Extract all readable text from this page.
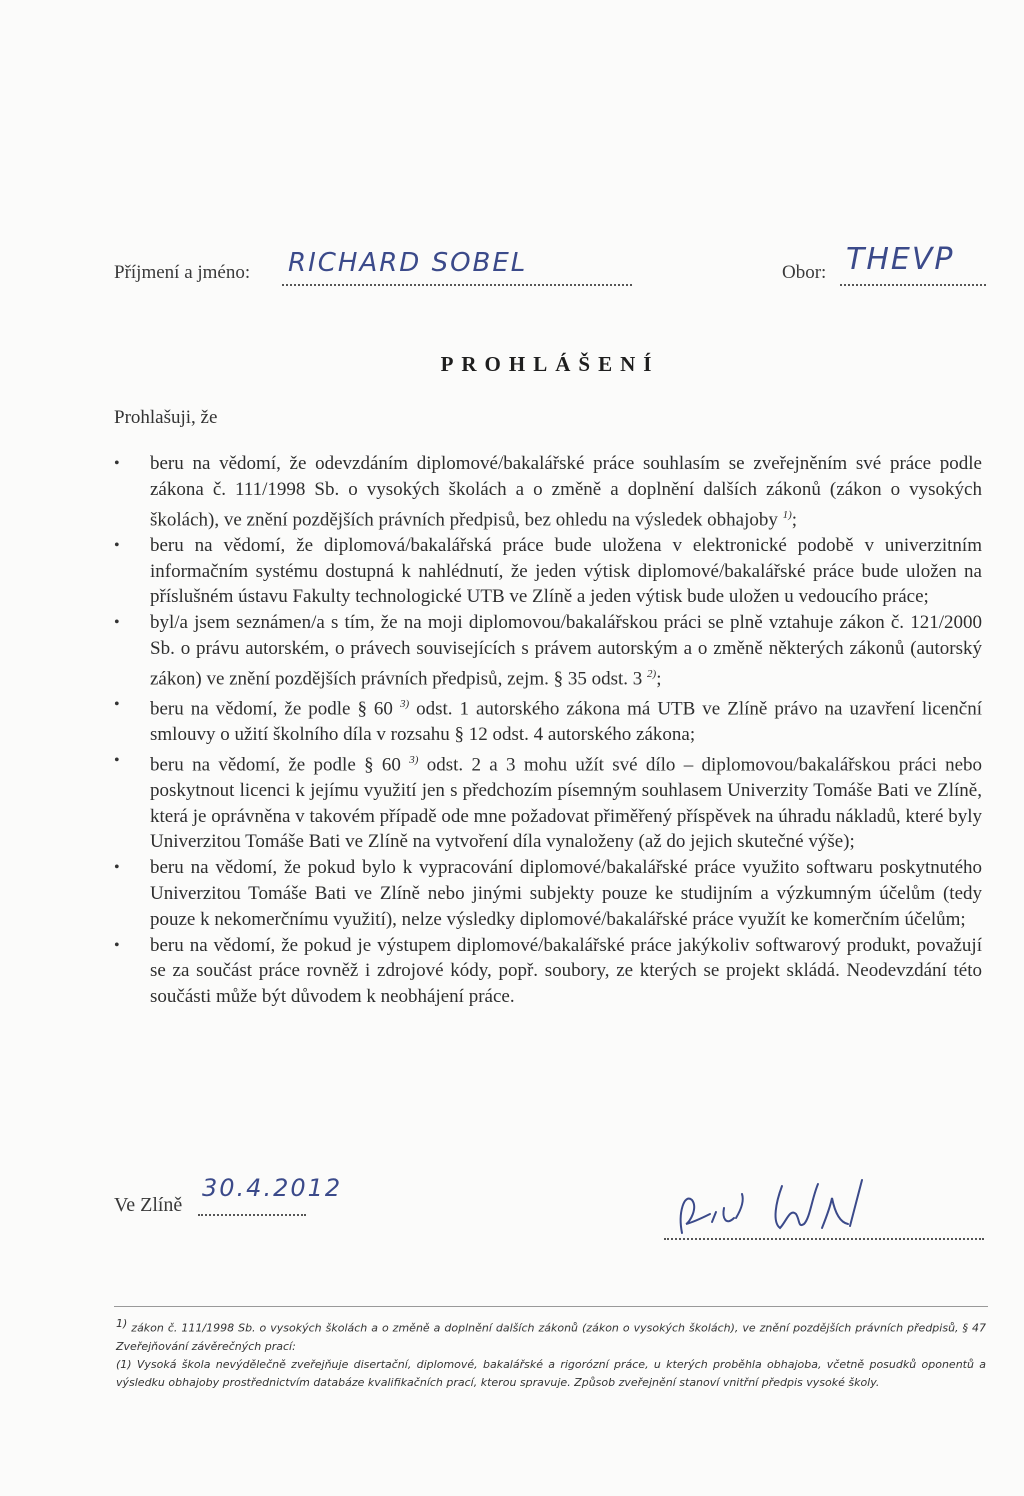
Příjmení a jméno: RICHARD SOBEL	Obor: THEVP
PROHLÁŠENÍ
Prohlašuji, že
• beru na vědomí, že odevzdáním diplomové/bakalářské práce souhlasím se zveřejněním své práce podle zákona č. 111/1998 Sb. o vysokých školách a o změně a doplnění dalších zákonů (zákon o vysokých školách), ve znění pozdějších právních předpisů, bez ohledu na výsledek obhajoby $^{1)}$;
• beru na vědomí, že diplomová/bakalářská práce bude uložena v elektronické podobě v univerzitním informačním systému dostupná k nahlédnutí, že jeden výtisk diplomové/bakalářské práce bude uložen na příslušném ústavu Fakulty technologické UTB ve Zlíně a jeden výtisk bude uložen u vedoucího práce;
• byl/a jsem seznámen/a s tím, že na moji diplomovou/bakalářskou práci se plně vztahuje zákon č. 121/2000 Sb. o právu autorském, o právech souvisejících s právem autorským a o změně některých zákonů (autorský zákon) ve znění pozdějších právních předpisů, zejm. § 35 odst. 3 $^{2)}$;
• beru na vědomí, že podle § 60 $^{3)}$ odst. 1 autorského zákona má UTB ve Zlíně právo na uzavření licenční smlouvy o užití školního díla v rozsahu § 12 odst. 4 autorského zákona;
• beru na vědomí, že podle § 60 $^{3)}$ odst. 2 a 3 mohu užít své dílo – diplomovou/bakalářskou práci nebo poskytnout licenci k jejímu využití jen s předchozím písemným souhlasem Univerzity Tomáše Bati ve Zlíně, která je oprávněna v takovém případě ode mne požadovat přiměřený příspěvek na úhradu nákladů, které byly Univerzitou Tomáše Bati ve Zlíně na vytvoření díla vynaloženy (až do jejich skutečné výše);
• beru na vědomí, že pokud bylo k vypracování diplomové/bakalářské práce využito softwaru poskytnutého Univerzitou Tomáše Bati ve Zlíně nebo jinými subjekty pouze ke studijním a výzkumným účelům (tedy pouze k nekomerčnímu využití), nelze výsledky diplomové/bakalářské práce využít ke komerčním účelům;
• beru na vědomí, že pokud je výstupem diplomové/bakalářské práce jakýkoliv softwarový produkt, považují se za součást práce rovněž i zdrojové kódy, popř. soubory, ze kterých se projekt skládá. Neodevzdání této součásti může být důvodem k neobhájení práce.
Ve Zlíně
30.4.2012

1) zákon č. 111/1998 Sb. o vysokých školách a o změně a doplnění dalších zákonů (zákon o vysokých školách), ve znění pozdějších právních předpisů, § 47 Zveřejňování závěrečných prací:

(1) Vysoká škola nevýdělečně zveřejňuje disertační, diplomové, bakalářské a rigorózní práce, u kterých proběhla obhajoba, včetně posudků oponentů a výsledku obhajoby prostřednictvím databáze kvalifikačních prací, kterou spravuje. Způsob zveřejnění stanoví vnitřní předpis vysoké školy.
